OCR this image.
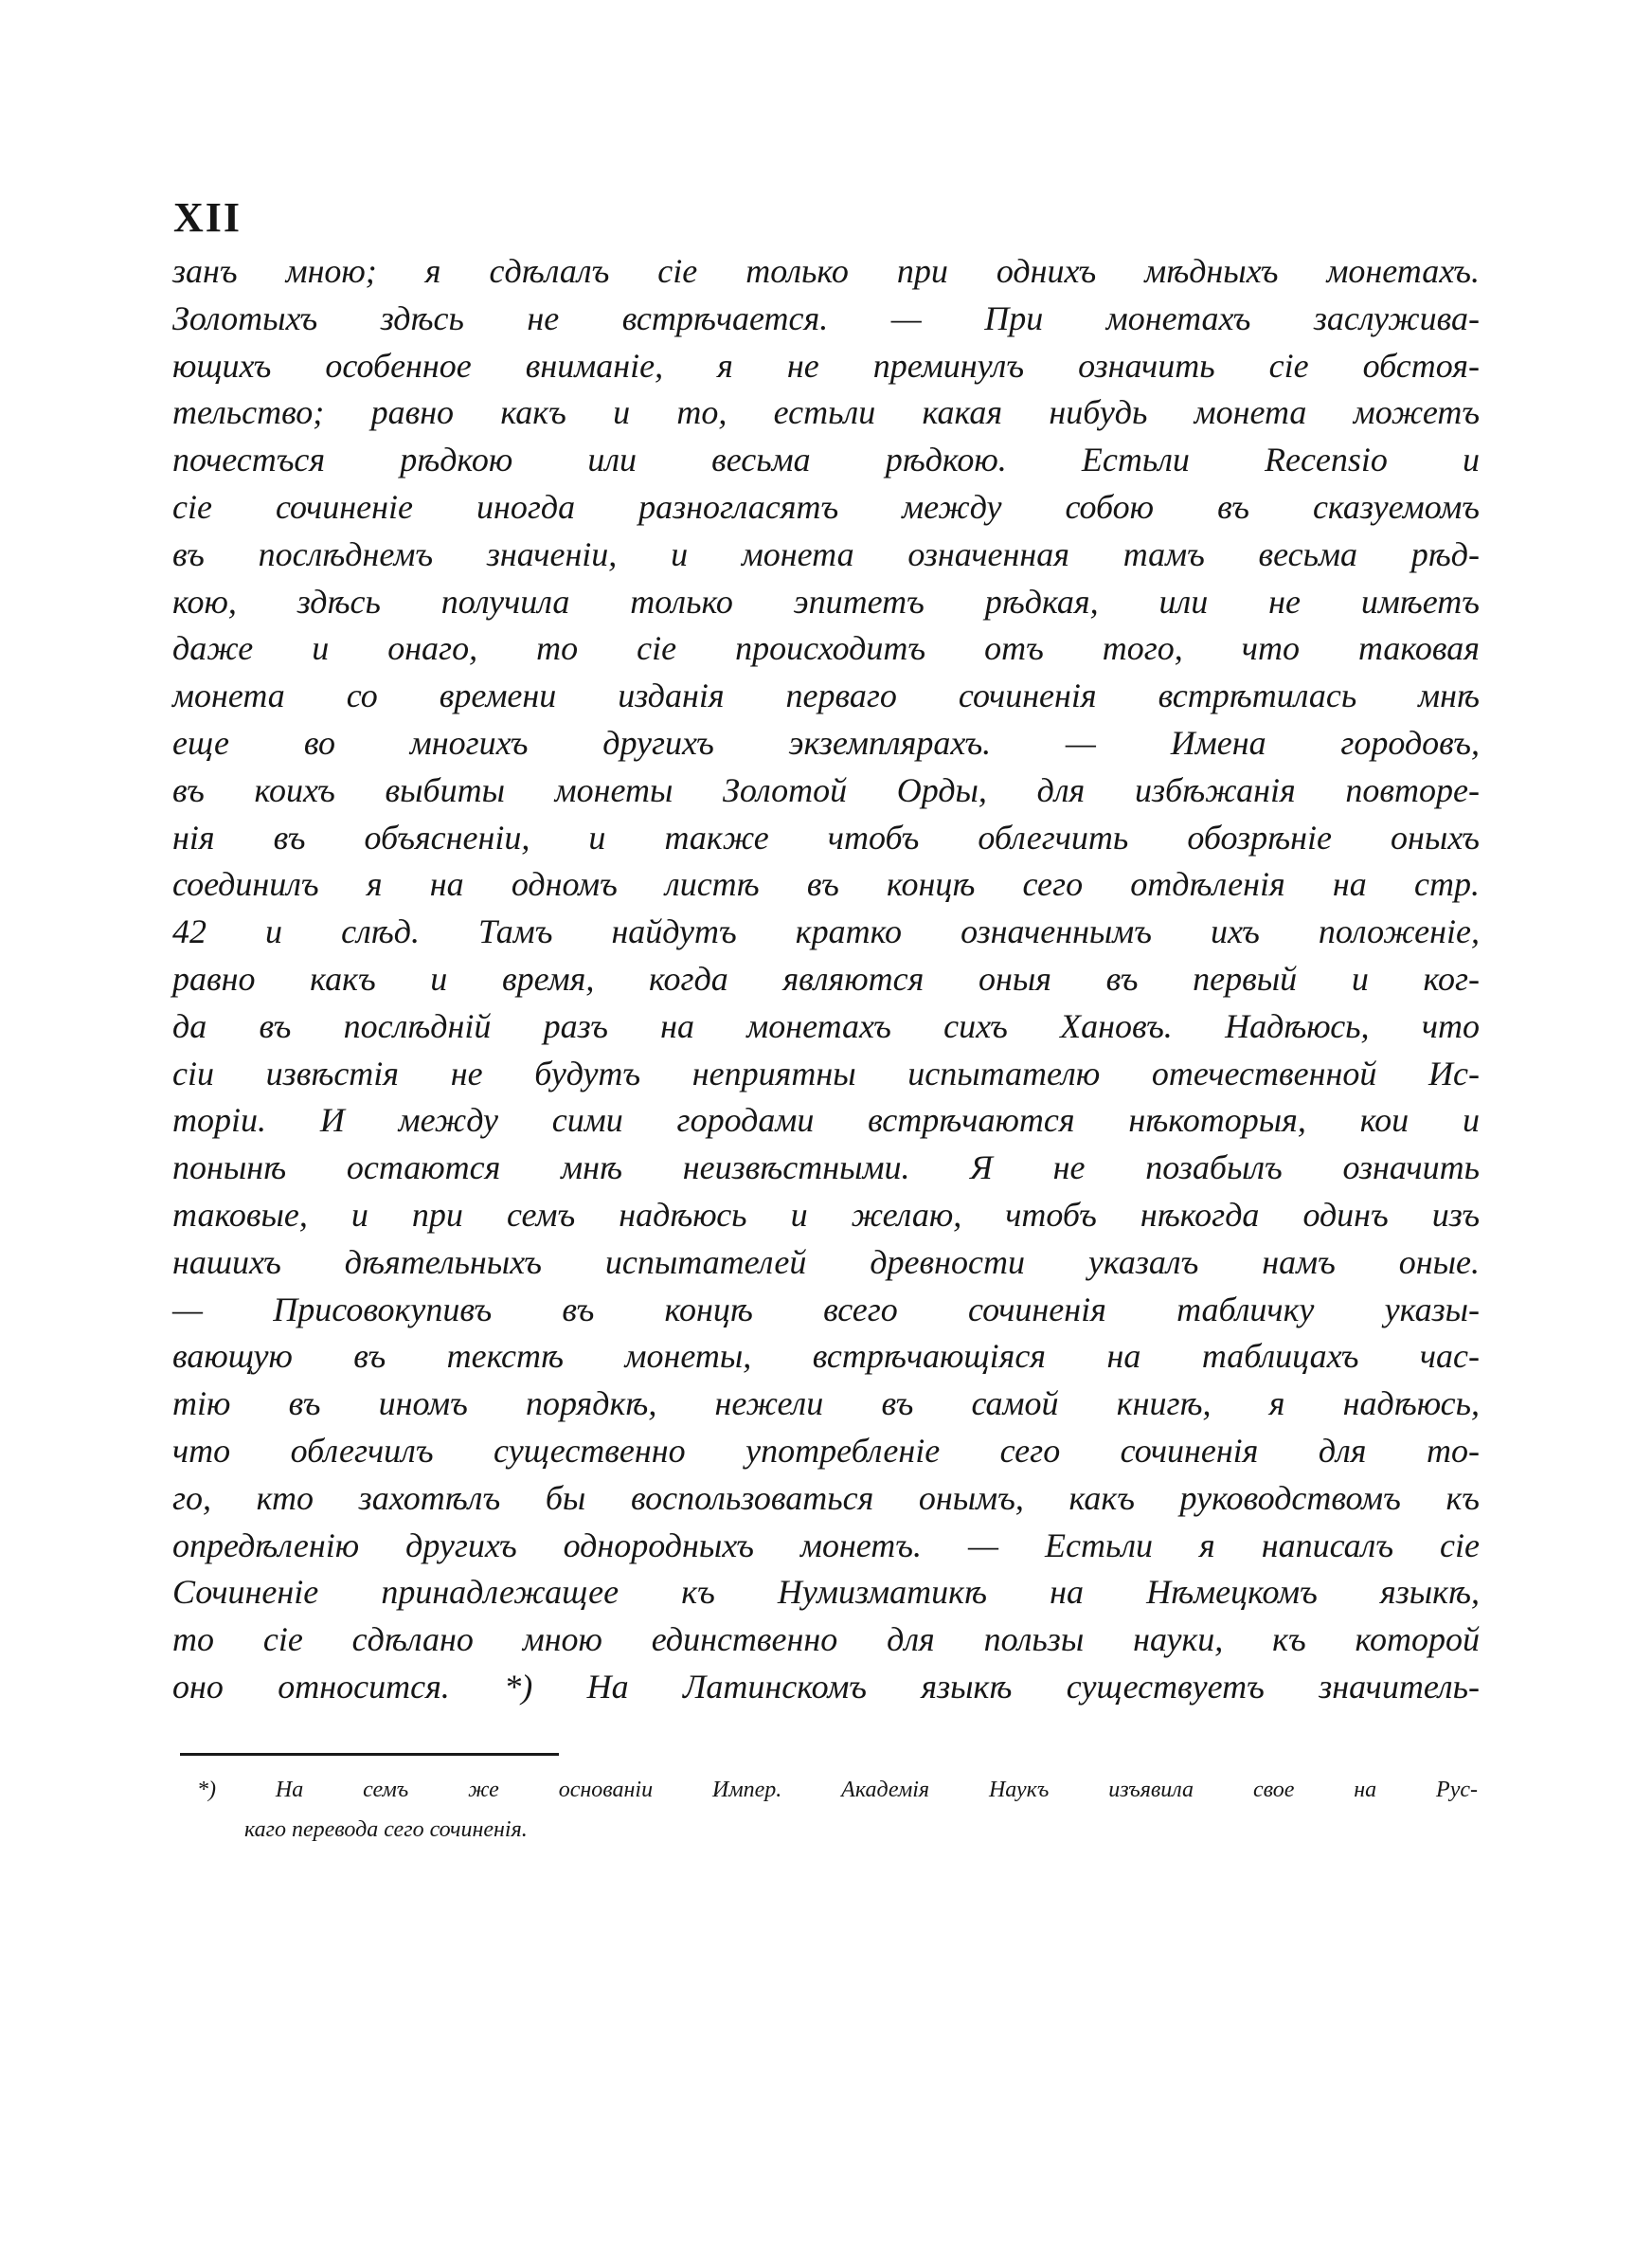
XII
занъ мною; я сдѣлалъ сіе только при однихъ мѣдныхъ монетахъ.
Золотыхъ здѣсь не встрѣчается. — При монетахъ заслужива-
ющихъ особенное вниманіе, я не преминулъ означить сіе обстоя-
тельство; равно какъ и то, естьли какая нибудь монета можетъ
почестъся рѣдкою или весьма рѣдкою. Естьли Recensio и
сіе сочиненіе иногда разногласятъ между собою въ сказуемомъ
въ послѣднемъ значеніи, и монета означенная тамъ весьма рѣд-
кою, здѣсь получила только эпитетъ рѣдкая, или не имѣетъ
даже и онаго, то сіе происходитъ отъ того, что таковая
монета со времени изданія первагo сочиненія встрѣтилась мнѣ
еще во многихъ другихъ экземплярахъ. — Имена городовъ,
въ коихъ выбиты монеты Золотой Орды, для избѣжанія повторе-
нія въ объясненіи, и также чтобъ облегчить обозрѣніе оныхъ
соединилъ я на одномъ листѣ въ концѣ сего отдѣленія на стр.
42 и слѣд. Тамъ найдутъ кратко означеннымъ ихъ положеніе,
равно какъ и время, когда являются оныя въ первый и ког-
да въ послѣдній разъ на монетахъ сихъ Хановъ. Надѣюсь, что
сіи извѣстія не будутъ неприятны испытателю отечественной Ис-
торіи. И между сими городами встрѣчаются нѣкоторыя, кои и
понынѣ остаются мнѣ неизвѣстными. Я не позабылъ означить
таковые, и при семъ надѣюсь и желаю, чтобъ нѣкогда одинъ изъ
нашихъ дѣятельныхъ испытателей древности указалъ намъ оные.
— Присовокупивъ въ концѣ всего сочиненія табличку указы-
вающую въ текстѣ монеты, встрѣчающіяся на таблицахъ час-
тію въ иномъ порядкѣ, нежели въ самой книгѣ, я надѣюсь,
что облегчилъ существенно употребленіе сего сочиненія для то-
го, кто захотѣлъ бы воспользоваться онымъ, какъ руководствомъ къ
опредѣленію другихъ однородныхъ монетъ. — Естьли я написалъ сіе
Сочиненіе принадлежащее къ Нумизматикѣ на Нѣмецкомъ языкѣ,
то сіе сдѣлано мною единственно для пользы науки, къ которой
оно относится. *) На Латинскомъ языкѣ существуетъ значитель-
*) На семъ же основаніи Импер. Академія Наукъ изъявила свое на Рус-
каго перевода сего сочиненія.
